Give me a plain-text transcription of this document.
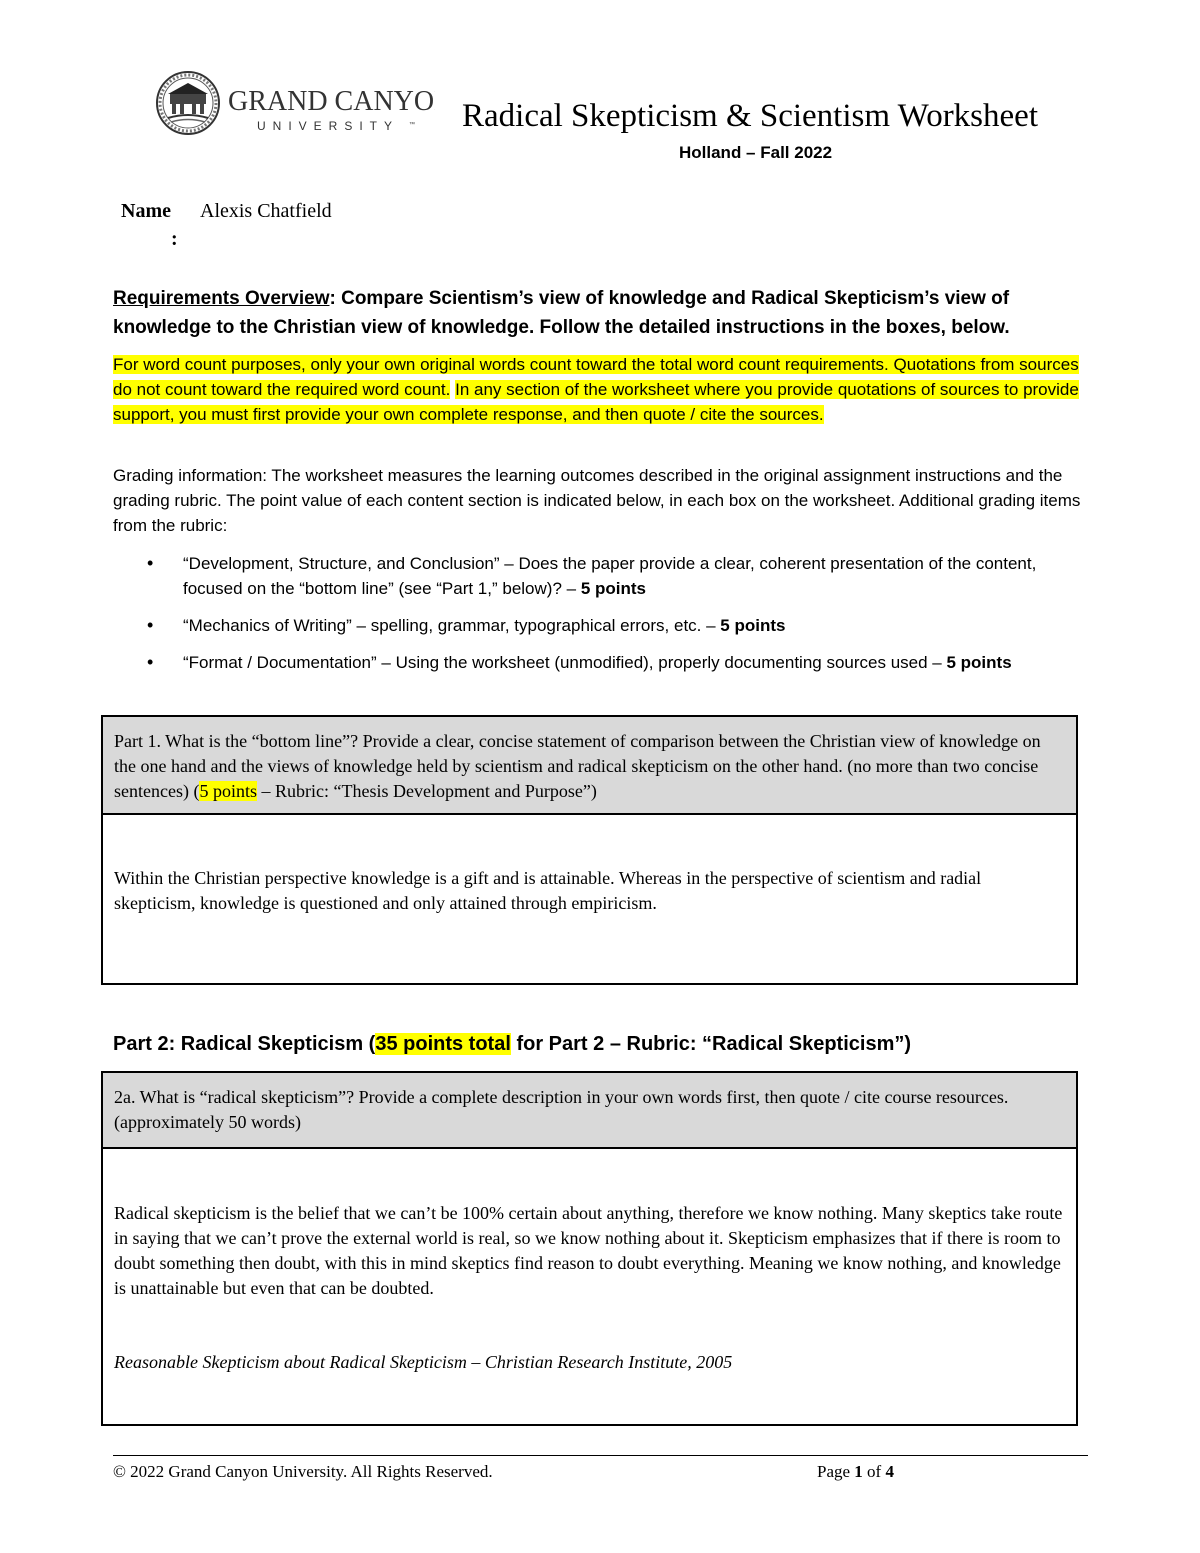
GRAND CANYON
UNIVERSITY ™ Radical Skepticism & Scientism Worksheet
Holland – Fall 2022
Name
:
Alexis Chatfield
Requirements Overview: Compare Scientism’s view of knowledge and Radical Skepticism’s view of knowledge to the Christian view of knowledge. Follow the detailed instructions in the boxes, below.
For word count purposes, only your own original words count toward the total word count requirements. Quotations from sources do not count toward the required word count. In any section of the worksheet where you provide quotations of sources to provide support, you must first provide your own complete response, and then quote / cite the sources.
Grading information: The worksheet measures the learning outcomes described in the original assignment instructions and the grading rubric. The point value of each content section is indicated below, in each box on the worksheet. Additional grading items from the rubric:
• “Development, Structure, and Conclusion” – Does the paper provide a clear, coherent presentation of the content, focused on the “bottom line” (see “Part 1,” below)? – 5 points
• “Mechanics of Writing” – spelling, grammar, typographical errors, etc. – 5 points
• “Format / Documentation” – Using the worksheet (unmodified), properly documenting sources used – 5 points
Part 1. What is the “bottom line”? Provide a clear, concise statement of comparison between the Christian view of knowledge on the one hand and the views of knowledge held by scientism and radical skepticism on the other hand. (no more than two concise sentences) (5 points – Rubric: “Thesis Development and Purpose”)
Within the Christian perspective knowledge is a gift and is attainable. Whereas in the perspective of scientism and radial skepticism, knowledge is questioned and only attained through empiricism.
Part 2: Radical Skepticism (35 points total for Part 2 – Rubric: “Radical Skepticism”)
2a. What is “radical skepticism”? Provide a complete description in your own words first, then quote / cite course resources. (approximately 50 words)
Radical skepticism is the belief that we can’t be 100% certain about anything, therefore we know nothing. Many skeptics take route in saying that we can’t prove the external world is real, so we know nothing about it. Skepticism emphasizes that if there is room to doubt something then doubt, with this in mind skeptics find reason to doubt everything. Meaning we know nothing, and knowledge is unattainable but even that can be doubted.
Reasonable Skepticism about Radical Skepticism – Christian Research Institute, 2005
© 2022 Grand Canyon University. All Rights Reserved.	Page 1 of 4
